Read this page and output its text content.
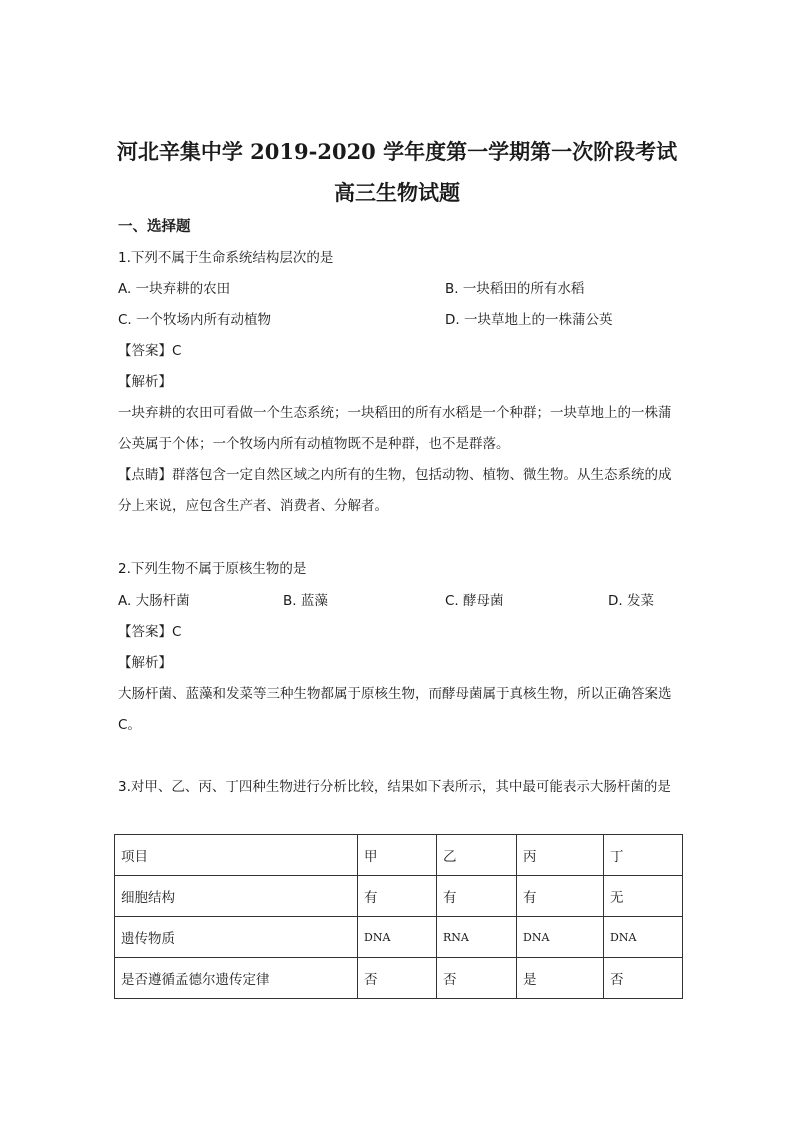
河北辛集中学 2019-2020 学年度第一学期第一次阶段考试
高三生物试题
一、选择题
1.下列不属于生命系统结构层次的是
A. 一块弃耕的农田	B. 一块稻田的所有水稻
C. 一个牧场内所有动植物	D. 一块草地上的一株蒲公英
【答案】C
【解析】
一块弃耕的农田可看做一个生态系统；一块稻田的所有水稻是一个种群；一块草地上的一株蒲公英属于个体；一个牧场内所有动植物既不是种群，也不是群落。
【点睛】群落包含一定自然区域之内所有的生物，包括动物、植物、微生物。从生态系统的成分上来说，应包含生产者、消费者、分解者。
2.下列生物不属于原核生物的是
A. 大肠杆菌	B. 蓝藻	C. 酵母菌	D. 发菜
【答案】C
【解析】
大肠杆菌、蓝藻和发菜等三种生物都属于原核生物，而酵母菌属于真核生物，所以正确答案选 C。
3.对甲、乙、丙、丁四种生物进行分析比较，结果如下表所示，其中最可能表示大肠杆菌的是
项目	甲	乙	丙	丁
细胞结构	有	有	有	无
遗传物质	DNA	RNA	DNA	DNA
是否遵循孟德尔遗传定律	否	否	是	否
